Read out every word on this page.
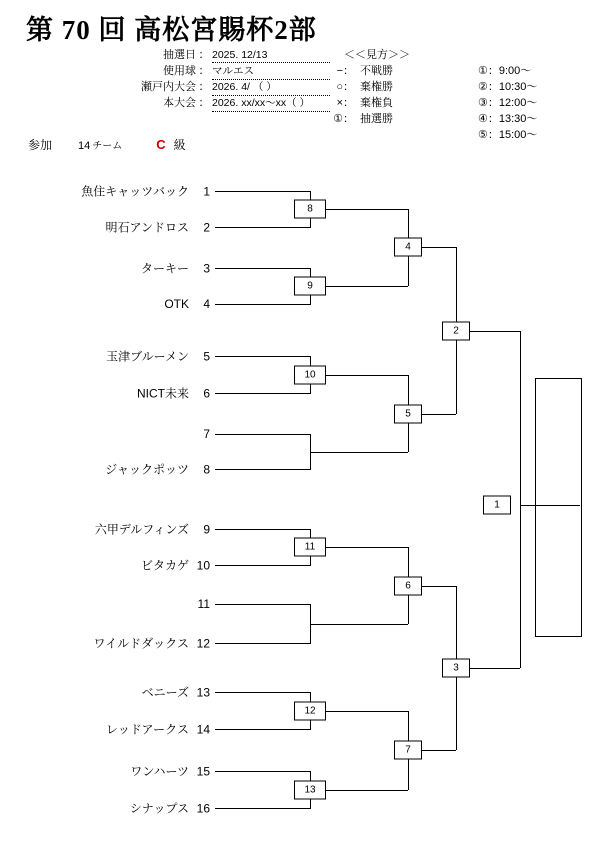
第 70 回 高松宮賜杯2部
抽選日 ： 2025. 12/13
使用球 ： マルエス
瀬戸内大会 ： 2026. 4/ （ ）
本大会 ： 2026. xx/xx～xx（ ）
＜＜見方＞＞
−： 不戦勝
○： 棄権勝
×： 棄権負
①： 抽選勝
①：9:00～
②：10:30～
③：12:00～
④：13:30～
⑤：15:00～
参加 14 チーム	C 級
魚住キャッツバック 1
明石アンドロス 2
ターキー 3
OTK 4
玉津ブルーメン 5
NICT未来 6
7
ジャックポッツ 8
六甲デルフィンズ 9
ビタカゲ 10
11
ワイルドダックス 12
ベニーズ 13
レッドアークス 14
ワンハーツ 15
シナップス 16
8
9
4
10
5
2
11
6
12
13
7
3
1
